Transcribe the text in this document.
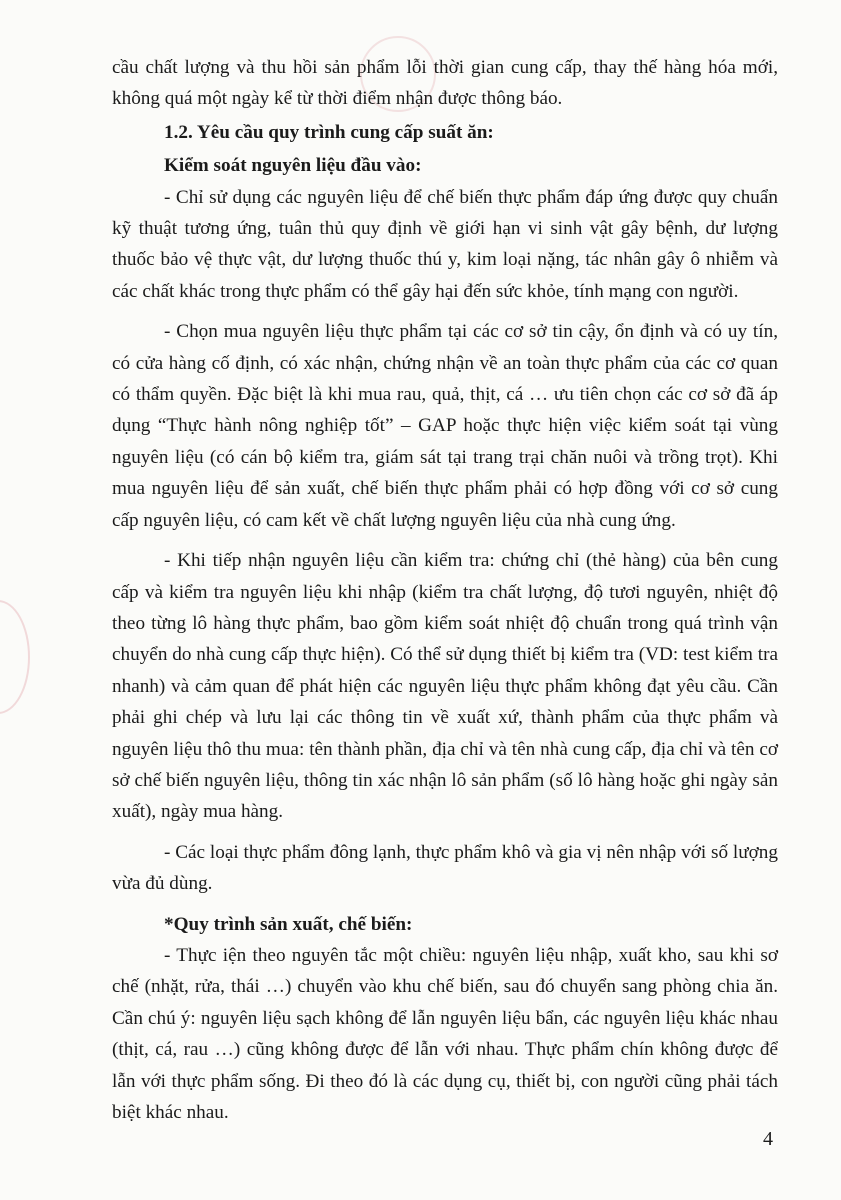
cầu chất lượng và thu hồi sản phẩm lỗi thời gian cung cấp, thay thế hàng hóa mới, không quá một ngày kể từ thời điểm nhận được thông báo.

1.2. Yêu cầu quy trình cung cấp suất ăn:

Kiểm soát nguyên liệu đầu vào:

- Chỉ sử dụng các nguyên liệu để chế biến thực phẩm đáp ứng được quy chuẩn kỹ thuật tương ứng, tuân thủ quy định về giới hạn vi sinh vật gây bệnh, dư lượng thuốc bảo vệ thực vật, dư lượng thuốc thú y, kim loại nặng, tác nhân gây ô nhiễm và các chất khác trong thực phẩm có thể gây hại đến sức khỏe, tính mạng con người.

- Chọn mua nguyên liệu thực phẩm tại các cơ sở tin cậy, ổn định và có uy tín, có cửa hàng cố định, có xác nhận, chứng nhận về an toàn thực phẩm của các cơ quan có thẩm quyền. Đặc biệt là khi mua rau, quả, thịt, cá … ưu tiên chọn các cơ sở đã áp dụng “Thực hành nông nghiệp tốt” – GAP hoặc thực hiện việc kiểm soát tại vùng nguyên liệu (có cán bộ kiểm tra, giám sát tại trang trại chăn nuôi và trồng trọt). Khi mua nguyên liệu để sản xuất, chế biến thực phẩm phải có hợp đồng với cơ sở cung cấp nguyên liệu, có cam kết về chất lượng nguyên liệu của nhà cung ứng.

- Khi tiếp nhận nguyên liệu cần kiểm tra: chứng chỉ (thẻ hàng) của bên cung cấp và kiểm tra nguyên liệu khi nhập (kiểm tra chất lượng, độ tươi nguyên, nhiệt độ theo từng lô hàng thực phẩm, bao gồm kiểm soát nhiệt độ chuẩn trong quá trình vận chuyển do nhà cung cấp thực hiện). Có thể sử dụng thiết bị kiểm tra (VD: test kiểm tra nhanh) và cảm quan để phát hiện các nguyên liệu thực phẩm không đạt yêu cầu. Cần phải ghi chép và lưu lại các thông tin về xuất xứ, thành phẩm của thực phẩm và nguyên liệu thô thu mua: tên thành phần, địa chỉ và tên nhà cung cấp, địa chỉ và tên cơ sở chế biến nguyên liệu, thông tin xác nhận lô sản phẩm (số lô hàng hoặc ghi ngày sản xuất), ngày mua hàng.

- Các loại thực phẩm đông lạnh, thực phẩm khô và gia vị nên nhập với số lượng vừa đủ dùng.

*Quy trình sản xuất, chế biến:

- Thực iện theo nguyên tắc một chiều: nguyên liệu nhập, xuất kho, sau khi sơ chế (nhặt, rửa, thái …) chuyển vào khu chế biến, sau đó chuyển sang phòng chia ăn. Cần chú ý: nguyên liệu sạch không để lẫn nguyên liệu bẩn, các nguyên liệu khác nhau (thịt, cá, rau …) cũng không được để lẫn với nhau. Thực phẩm chín không được để lẫn với thực phẩm sống. Đi theo đó là các dụng cụ, thiết bị, con người cũng phải tách biệt khác nhau.

4
